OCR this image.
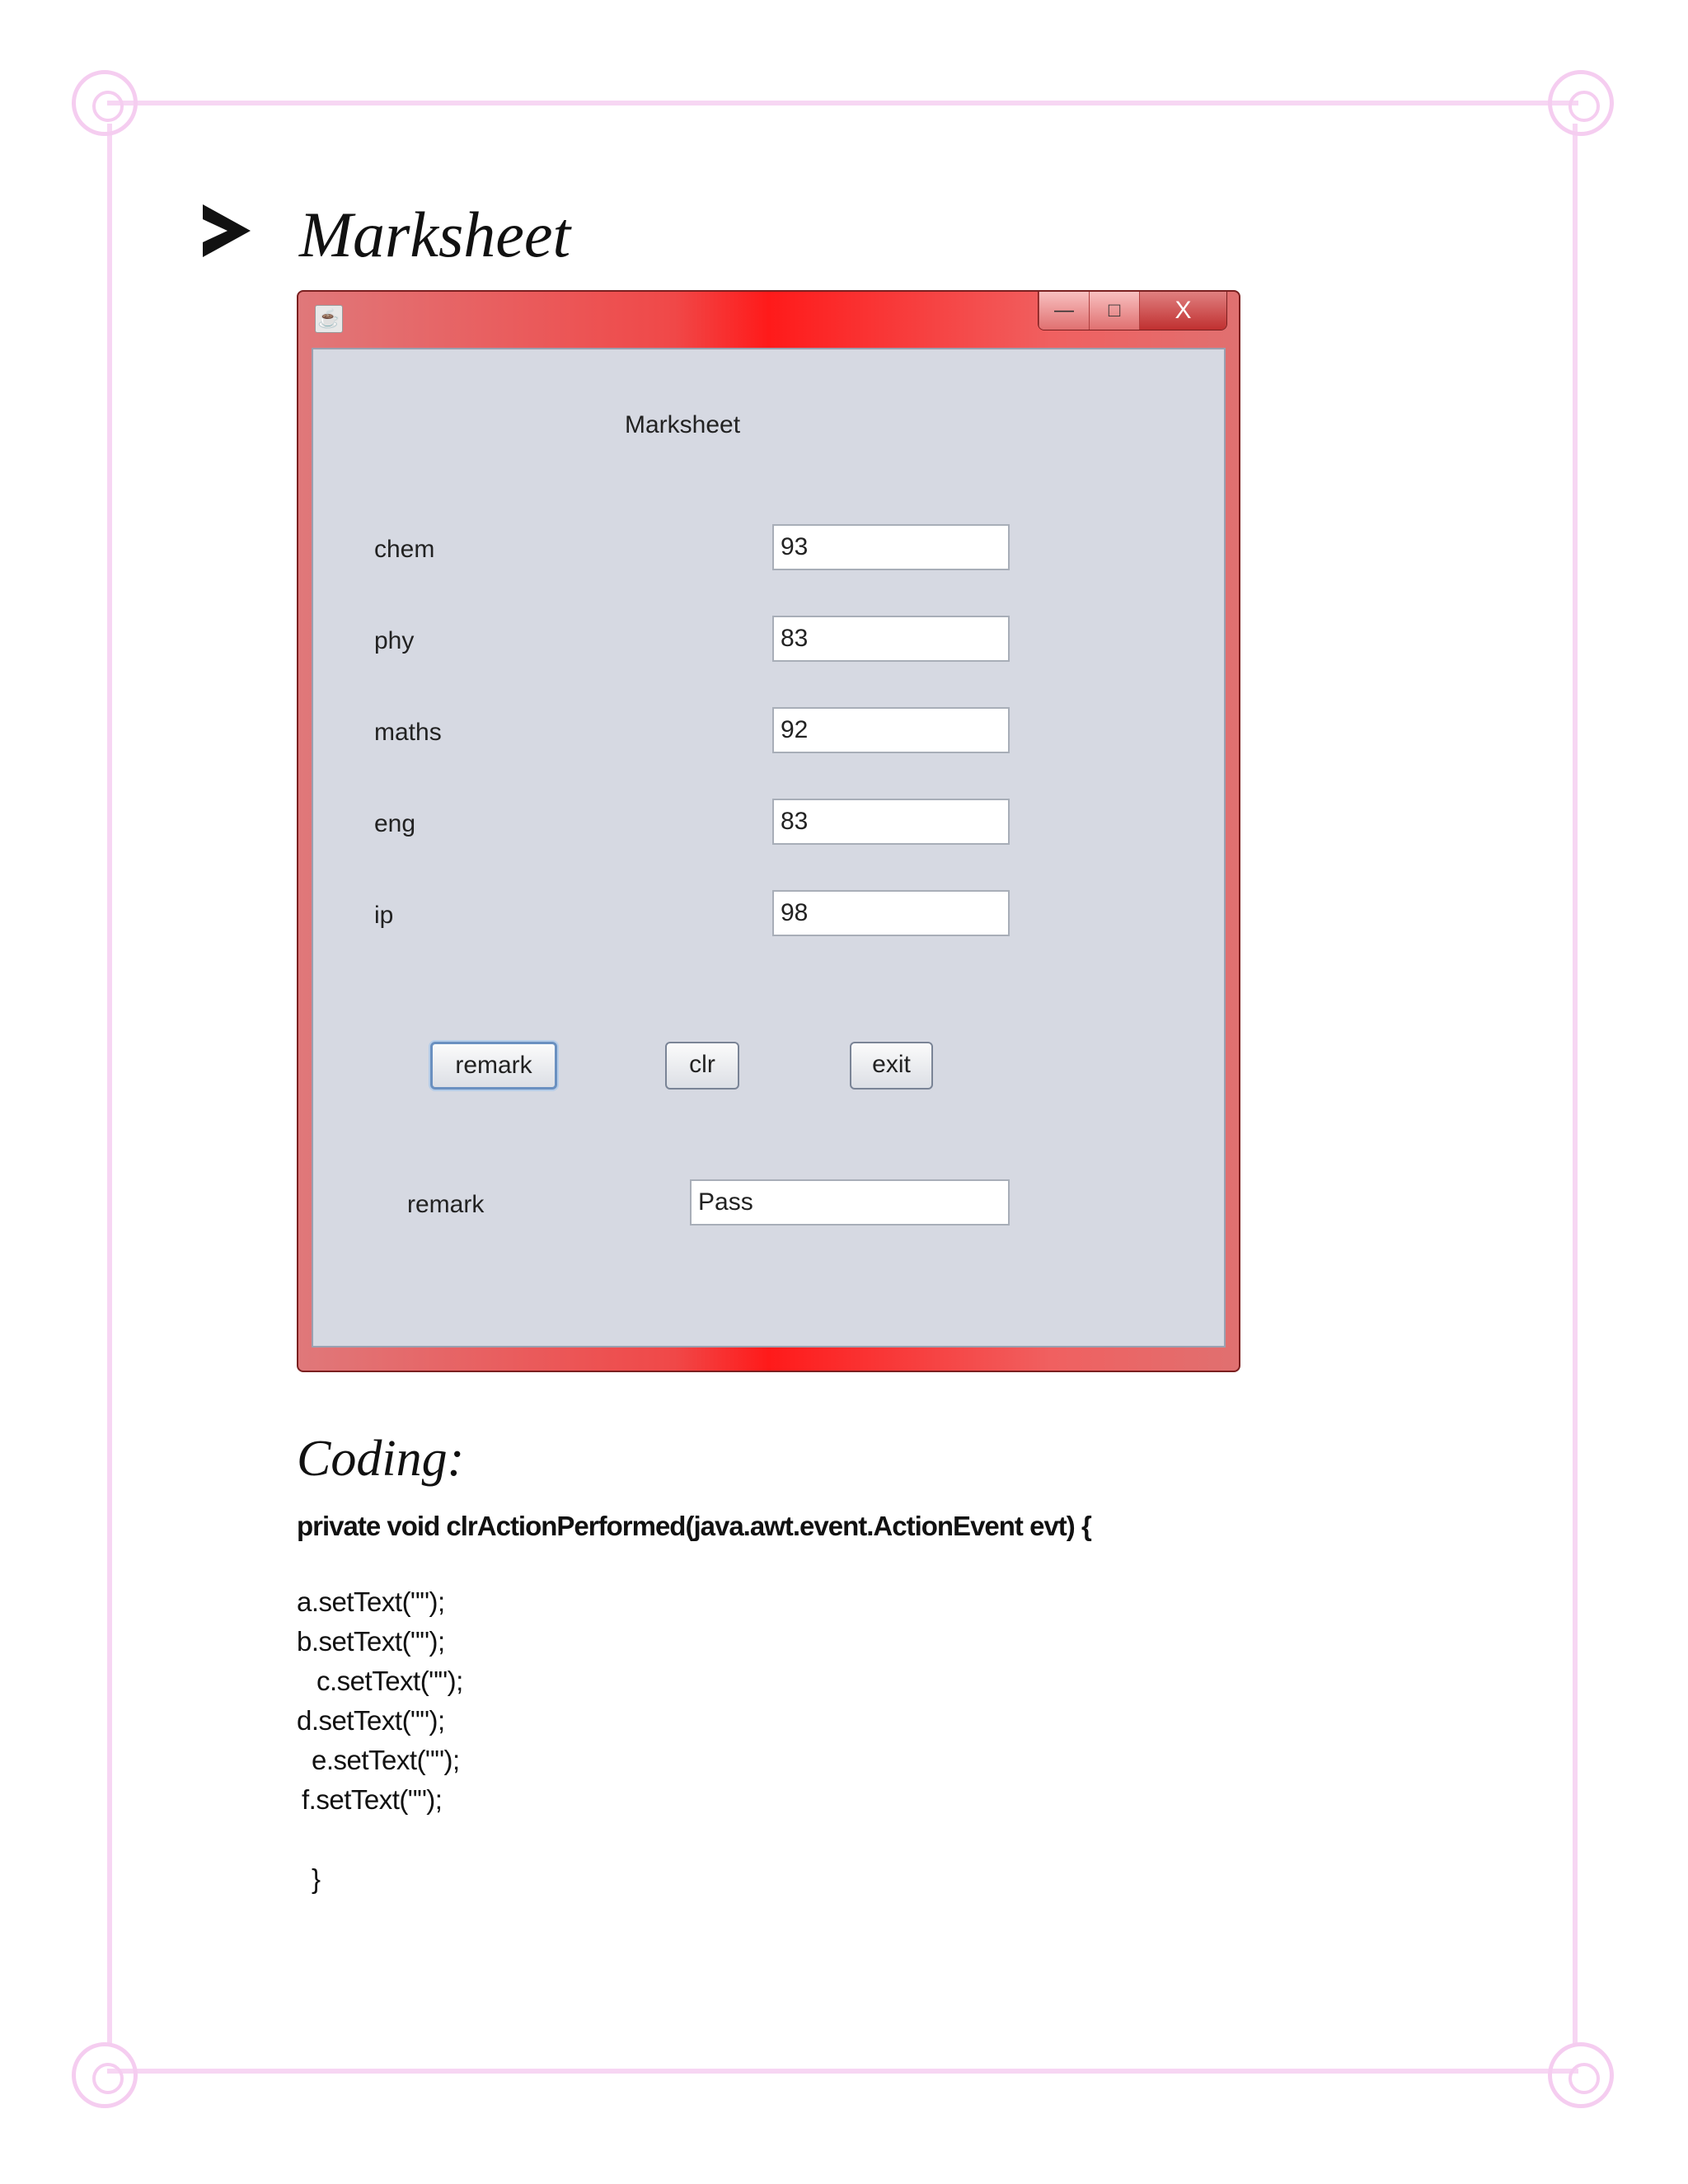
Marksheet
☕	—	□	X
Marksheet
chem	93
phy	83
maths	92
eng	83
ip	98
remark	clr	exit
remark	Pass
Coding:
private void clrActionPerformed(java.awt.event.ActionEvent evt) {
a.setText("");
b.setText("");
c.setText("");
d.setText("");
e.setText("");
f.setText("");
}
